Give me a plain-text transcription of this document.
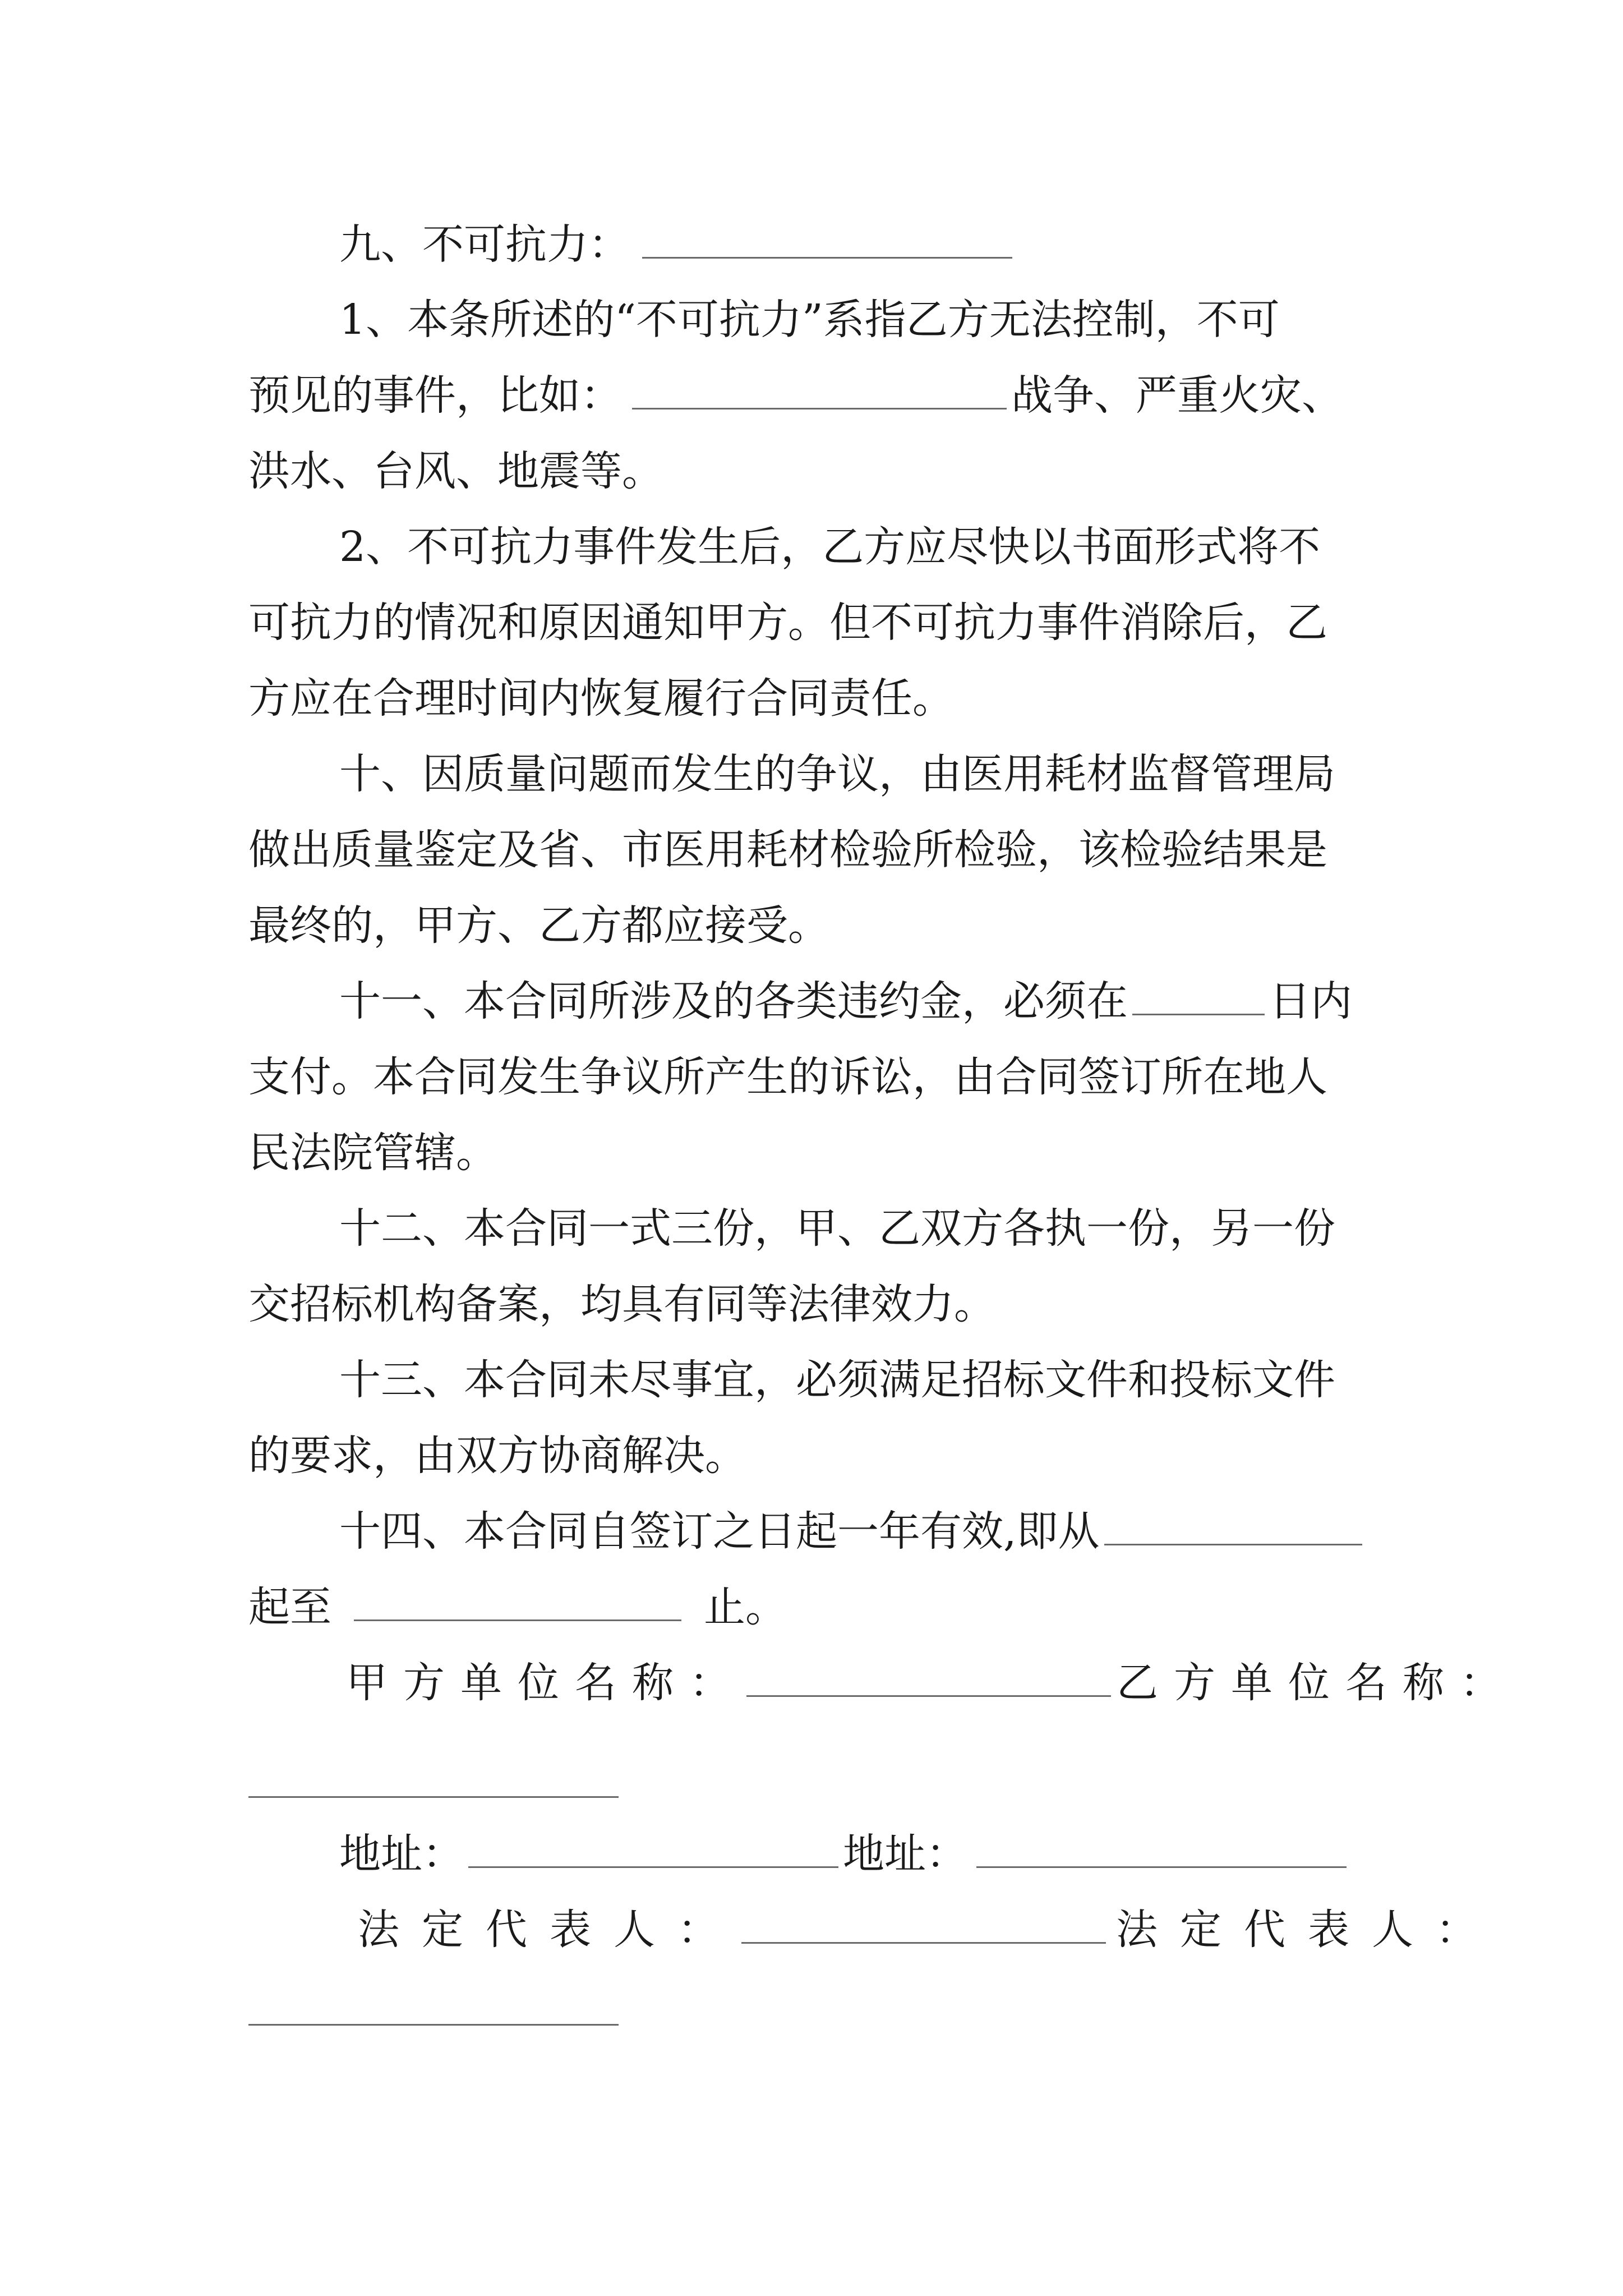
九、不可抗力：
1、本条所述的“不可抗力”系指乙方无法控制，不可
预见的事件，比如：	战争、严重火灾、
洪水、台风、地震等。
2、不可抗力事件发生后，乙方应尽快以书面形式将不
可抗力的情况和原因通知甲方。但不可抗力事件消除后，乙
方应在合理时间内恢复履行合同责任。
十、因质量问题而发生的争议，由医用耗材监督管理局
做出质量鉴定及省、市医用耗材检验所检验，该检验结果是
最终的，甲方、乙方都应接受。
十一、本合同所涉及的各类违约金，必须在	日内
支付。本合同发生争议所产生的诉讼，由合同签订所在地人
民法院管辖。
十二、本合同一式三份，甲、乙双方各执一份，另一份
交招标机构备案，均具有同等法律效力。
十三、本合同未尽事宜，必须满足招标文件和投标文件
的要求，由双方协商解决。
十四、本合同自签订之日起一年有效,即从
起至	止。
甲方单位名称：	乙方单位名称：
地址：	地址：
法定代表人：	法定代表人：
